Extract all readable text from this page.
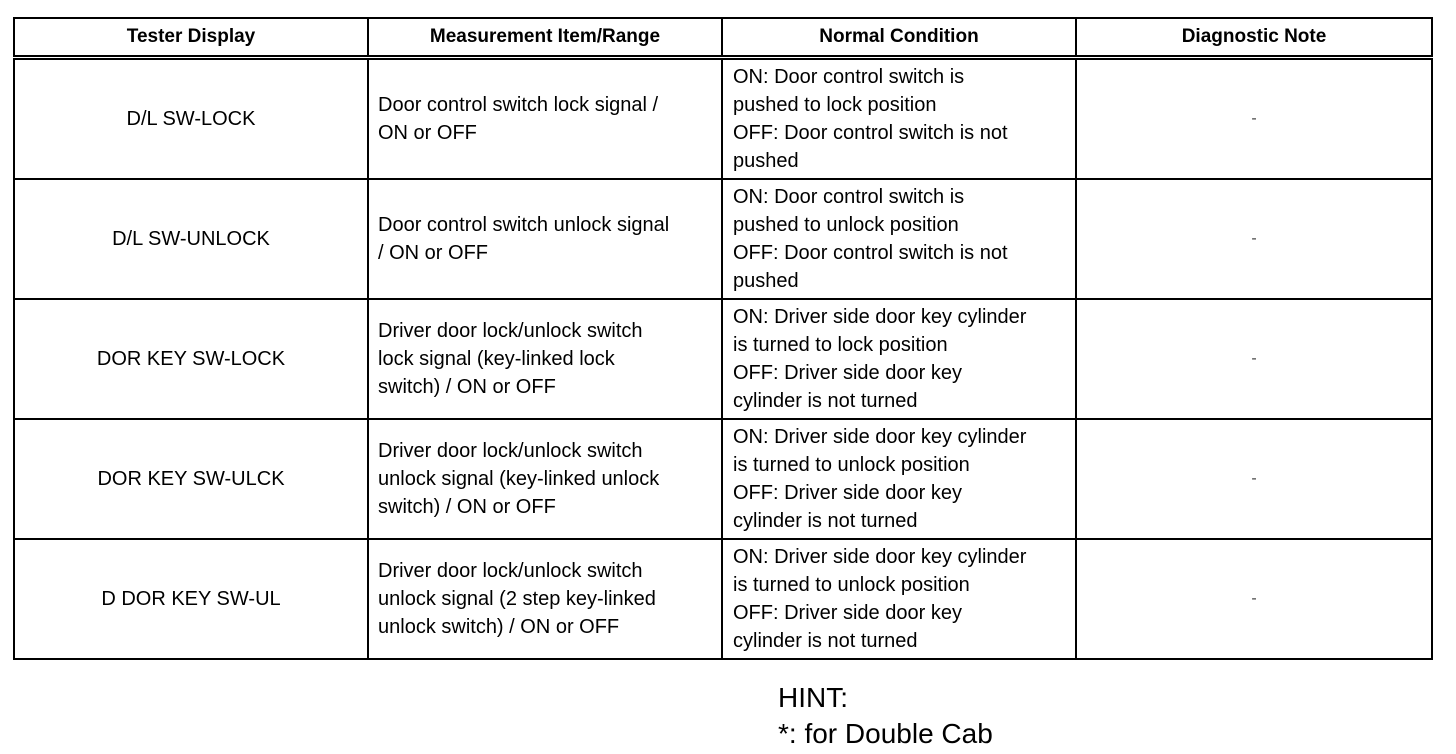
Tester Display	Measurement Item/Range	Normal Condition	Diagnostic Note
D/L SW-LOCK	Door control switch lock signal /
ON or OFF	ON: Door control switch is
pushed to lock position
OFF: Door control switch is not
pushed	-
D/L SW-UNLOCK	Door control switch unlock signal
/ ON or OFF	ON: Door control switch is
pushed to unlock position
OFF: Door control switch is not
pushed	-
DOR KEY SW-LOCK	Driver door lock/unlock switch
lock signal (key-linked lock
switch) / ON or OFF	ON: Driver side door key cylinder
is turned to lock position
OFF: Driver side door key
cylinder is not turned	-
DOR KEY SW-ULCK	Driver door lock/unlock switch
unlock signal (key-linked unlock
switch) / ON or OFF	ON: Driver side door key cylinder
is turned to unlock position
OFF: Driver side door key
cylinder is not turned	-
D DOR KEY SW-UL	Driver door lock/unlock switch
unlock signal (2 step key-linked
unlock switch) / ON or OFF	ON: Driver side door key cylinder
is turned to unlock position
OFF: Driver side door key
cylinder is not turned	-
HINT:
*: for Double Cab
